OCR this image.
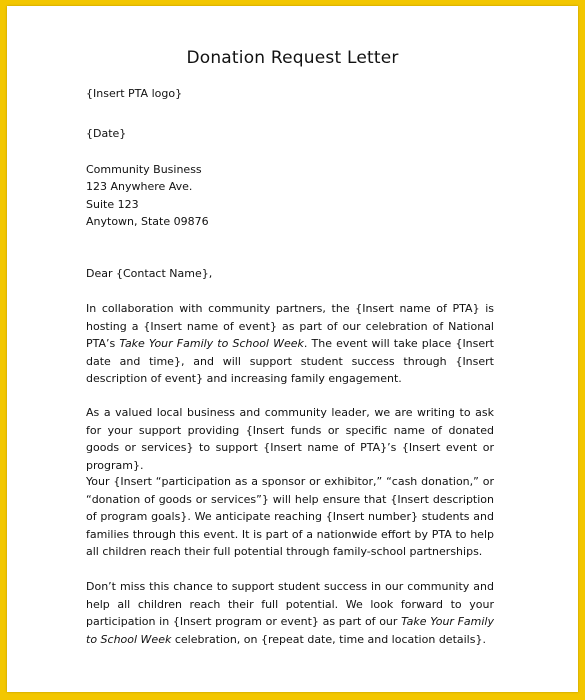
Donation Request Letter
{Insert PTA logo}
{Date}
Community Business
123 Anywhere Ave.
Suite 123
Anytown, State 09876
Dear {Contact Name},
In collaboration with community partners, the {Insert name of PTA} is hosting a {Insert name of event} as part of our celebration of National PTA’s Take Your Family to School Week. The event will take place {Insert date and time}, and will support student success through {Insert description of event} and increasing family engagement.
As a valued local business and community leader, we are writing to ask for your support providing {Insert funds or specific name of donated goods or services} to support {Insert name of PTA}’s {Insert event or program}.
Your {Insert “participation as a sponsor or exhibitor,” “cash donation,” or “donation of goods or services”} will help ensure that {Insert description of program goals}. We anticipate reaching {Insert number} students and families through this event. It is part of a nationwide effort by PTA to help all children reach their full potential through family-school partnerships.
Don’t miss this chance to support student success in our community and help all children reach their full potential. We look forward to your participation in {Insert program or event} as part of our Take Your Family to School Week celebration, on {repeat date, time and location details}.
